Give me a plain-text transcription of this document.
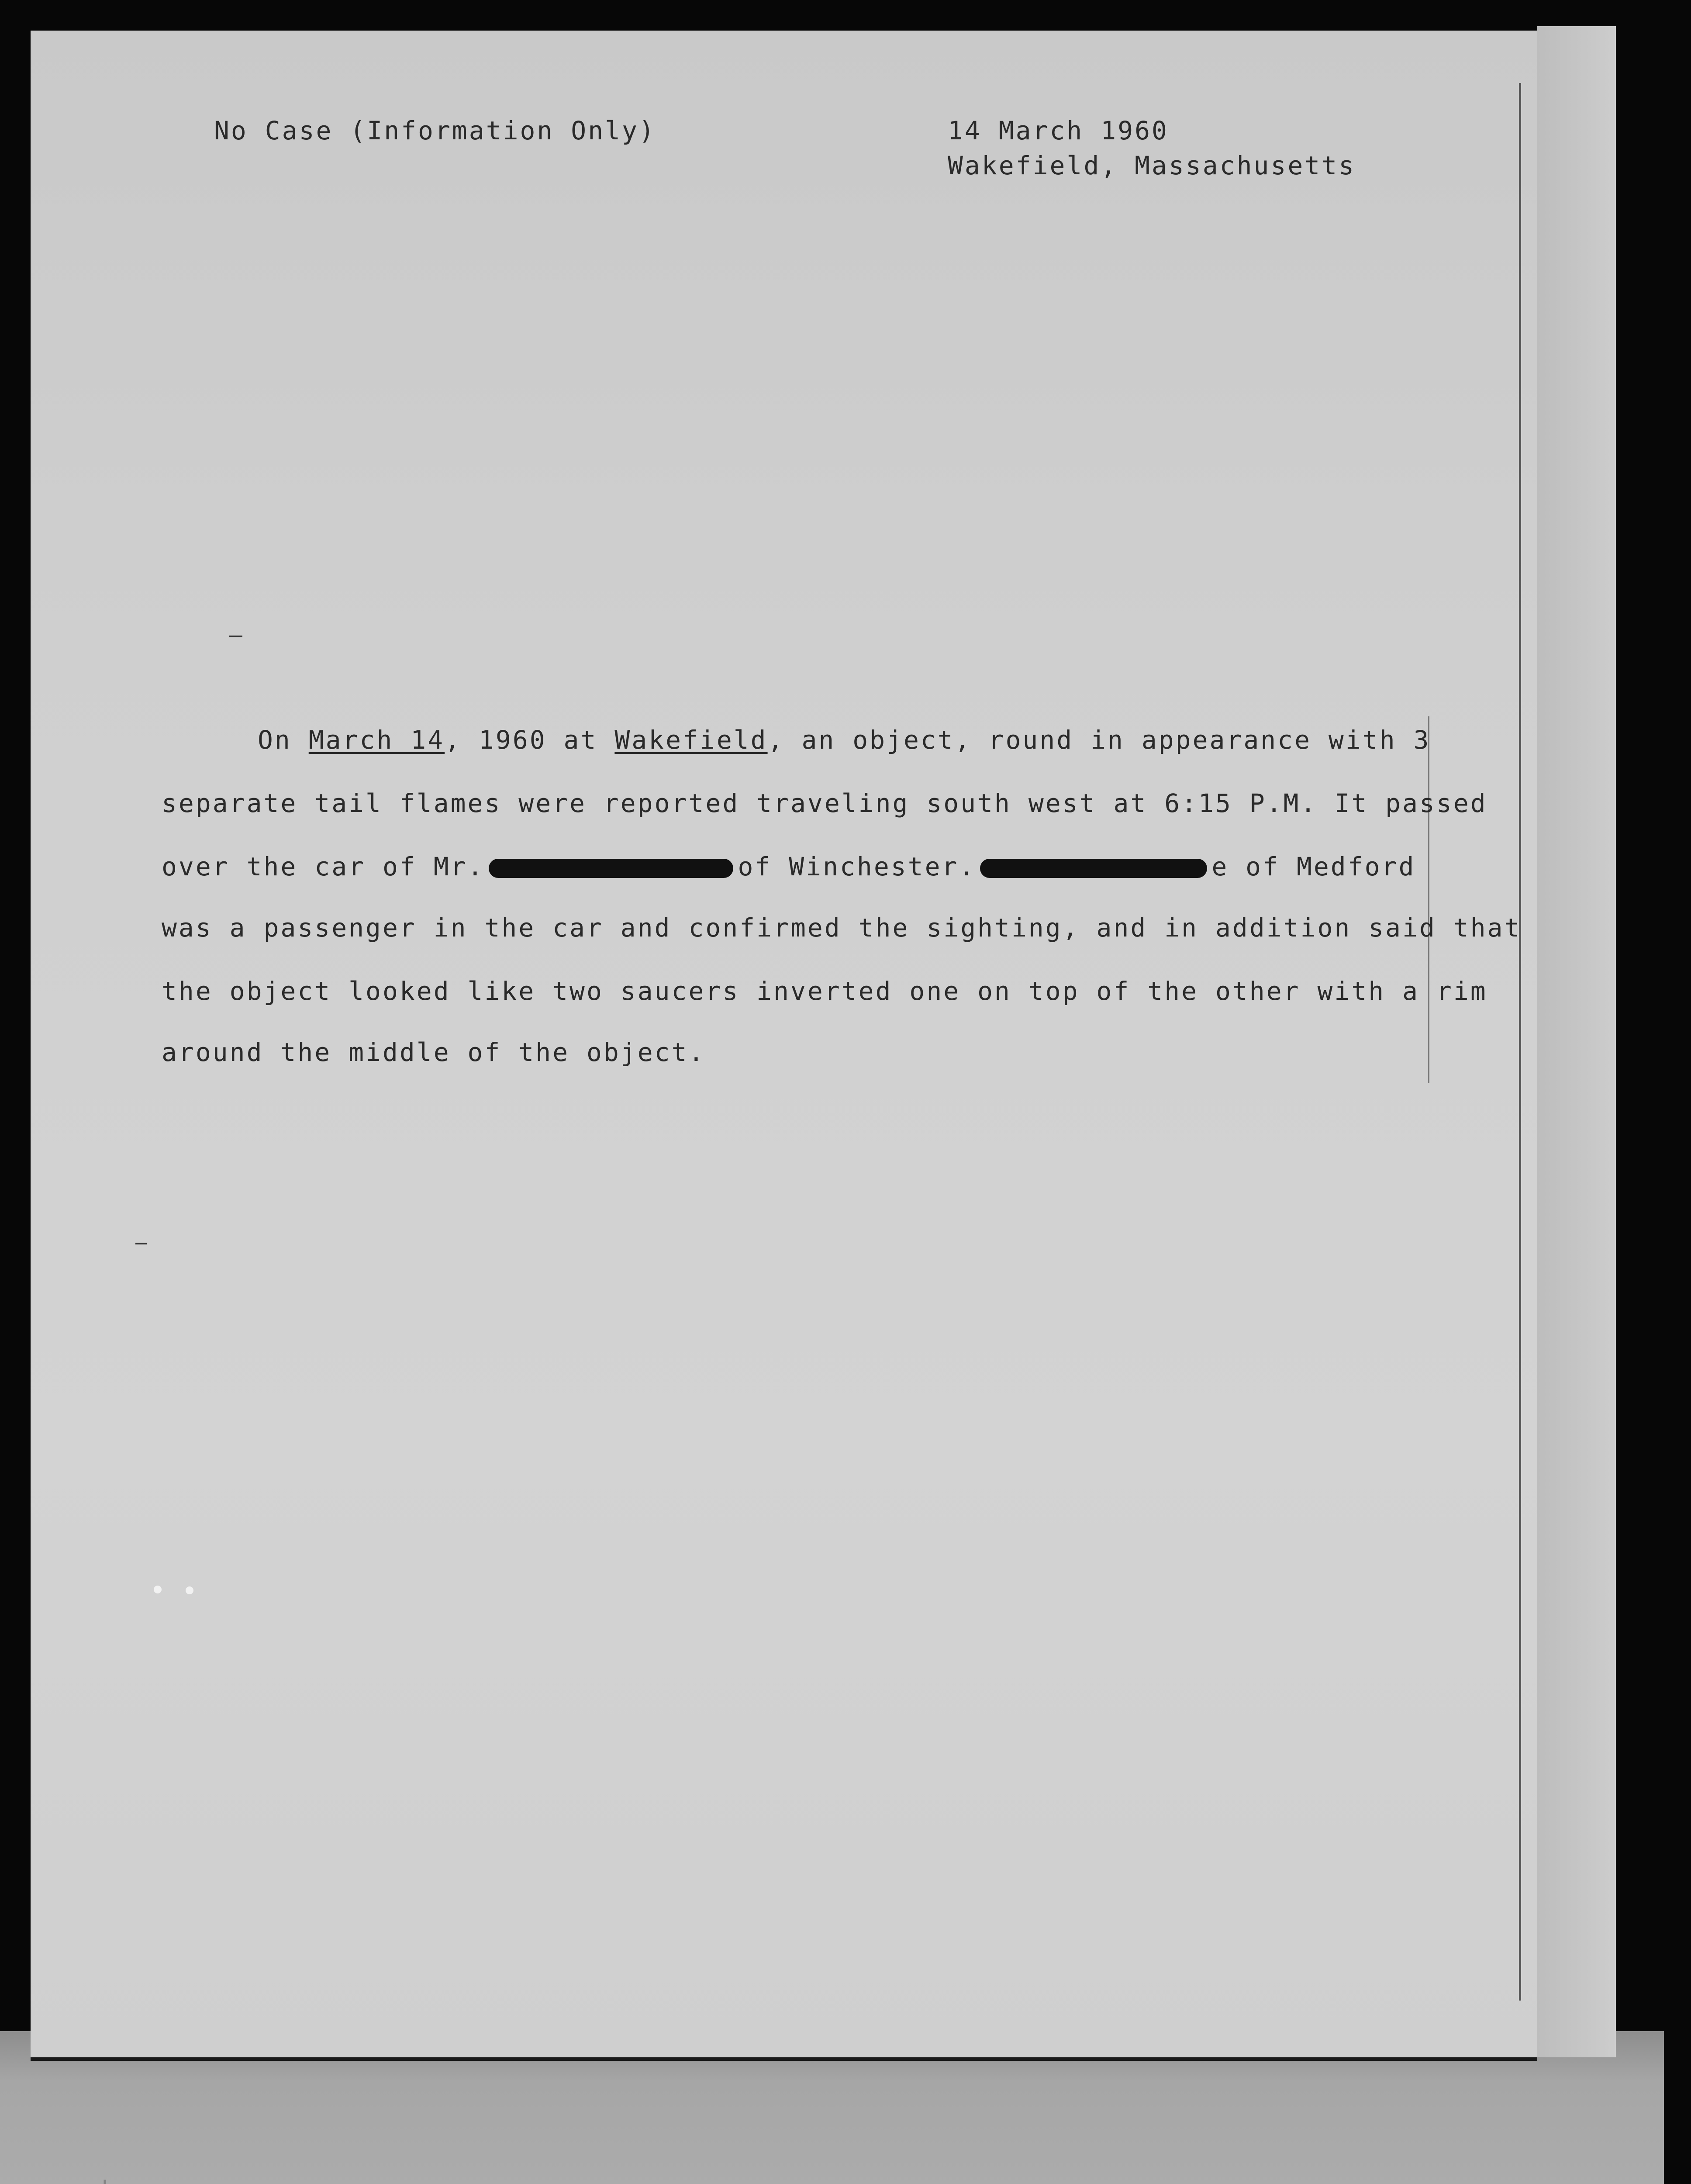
No Case (Information Only)	14 March 1960
Wakefield, Massachusetts
On March 14, 1960 at Wakefield, an object, round in appearance with 3
separate tail flames were reported traveling south west at 6:15 P.M. It passed
over the car of Mr.	of Winchester.	e of Medford
was a passenger in the car and confirmed the sighting, and in addition said that
the object looked like two saucers inverted one on top of the other with a rim
around the middle of the object.
